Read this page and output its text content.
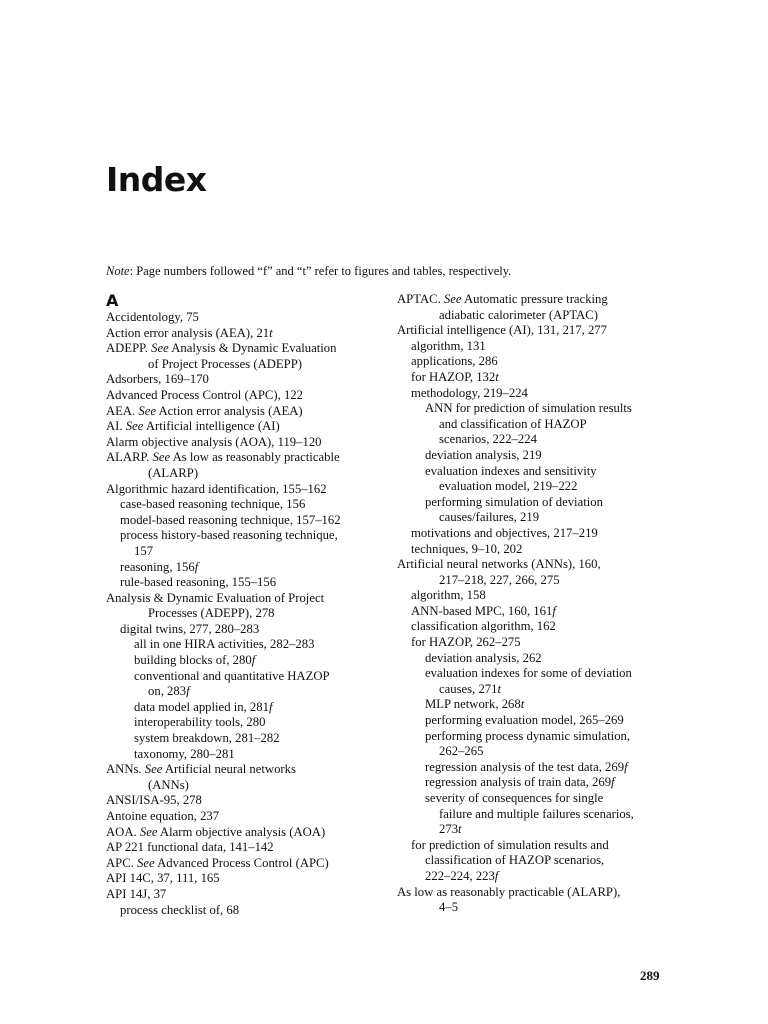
Index
Note: Page numbers followed “f” and “t” refer to figures and tables, respectively.
A
Accidentology, 75
Action error analysis (AEA), 21t
ADEPP. See Analysis & Dynamic Evaluation
of Project Processes (ADEPP)
Adsorbers, 169–170
Advanced Process Control (APC), 122
AEA. See Action error analysis (AEA)
AI. See Artificial intelligence (AI)
Alarm objective analysis (AOA), 119–120
ALARP. See As low as reasonably practicable
(ALARP)
Algorithmic hazard identification, 155–162
case-based reasoning technique, 156
model-based reasoning technique, 157–162
process history-based reasoning technique,
157
reasoning, 156f
rule-based reasoning, 155–156
Analysis & Dynamic Evaluation of Project
Processes (ADEPP), 278
digital twins, 277, 280–283
all in one HIRA activities, 282–283
building blocks of, 280f
conventional and quantitative HAZOP
on, 283f
data model applied in, 281f
interoperability tools, 280
system breakdown, 281–282
taxonomy, 280–281
ANNs. See Artificial neural networks
(ANNs)
ANSI/ISA-95, 278
Antoine equation, 237
AOA. See Alarm objective analysis (AOA)
AP 221 functional data, 141–142
APC. See Advanced Process Control (APC)
API 14C, 37, 111, 165
API 14J, 37
process checklist of, 68
APTAC. See Automatic pressure tracking
adiabatic calorimeter (APTAC)
Artificial intelligence (AI), 131, 217, 277
algorithm, 131
applications, 286
for HAZOP, 132t
methodology, 219–224
ANN for prediction of simulation results
and classification of HAZOP
scenarios, 222–224
deviation analysis, 219
evaluation indexes and sensitivity
evaluation model, 219–222
performing simulation of deviation
causes/failures, 219
motivations and objectives, 217–219
techniques, 9–10, 202
Artificial neural networks (ANNs), 160,
217–218, 227, 266, 275
algorithm, 158
ANN-based MPC, 160, 161f
classification algorithm, 162
for HAZOP, 262–275
deviation analysis, 262
evaluation indexes for some of deviation
causes, 271t
MLP network, 268t
performing evaluation model, 265–269
performing process dynamic simulation,
262–265
regression analysis of the test data, 269f
regression analysis of train data, 269f
severity of consequences for single
failure and multiple failures scenarios,
273t
for prediction of simulation results and
classification of HAZOP scenarios,
222–224, 223f
As low as reasonably practicable (ALARP),
4–5
289
